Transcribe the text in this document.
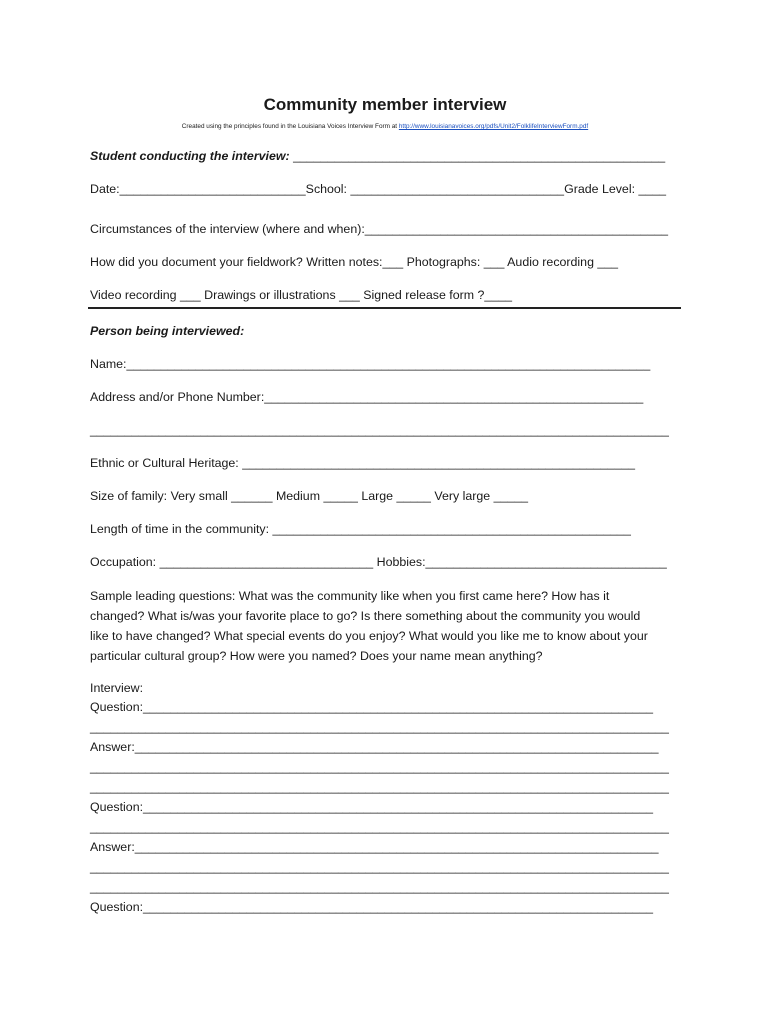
Community member interview
Created using the principles found in the Louisiana Voices Interview Form at http://www.louisianavoices.org/pdfs/Unit2/FolklifeInterviewForm.pdf
Student conducting the interview: ______________________________________________________
Date:___________________________School: _______________________________Grade Level: ____
Circumstances of the interview (where and when):____________________________________________
How did you document your fieldwork? Written notes:___ Photographs: ___ Audio recording ___
Video recording ___ Drawings or illustrations ___ Signed release form ?____
Person being interviewed:
Name:____________________________________________________________________________
Address and/or Phone Number:_______________________________________________________
____________________________________________________________________________________
Ethnic or Cultural Heritage: _________________________________________________________
Size of family: Very small ______ Medium _____ Large _____ Very large _____
Length of time in the community: ____________________________________________________
Occupation: _______________________________ Hobbies:___________________________________
Sample leading questions: What was the community like when you first came here? How has it
changed? What is/was your favorite place to go? Is there something about the community you would
like to have changed? What special events do you enjoy? What would you like me to know about your
particular cultural group? How were you named? Does your name mean anything?
Interview:
Question:__________________________________________________________________________
____________________________________________________________________________________
Answer:____________________________________________________________________________
____________________________________________________________________________________
____________________________________________________________________________________
Question:__________________________________________________________________________
____________________________________________________________________________________
Answer:____________________________________________________________________________
____________________________________________________________________________________
____________________________________________________________________________________
Question:__________________________________________________________________________
